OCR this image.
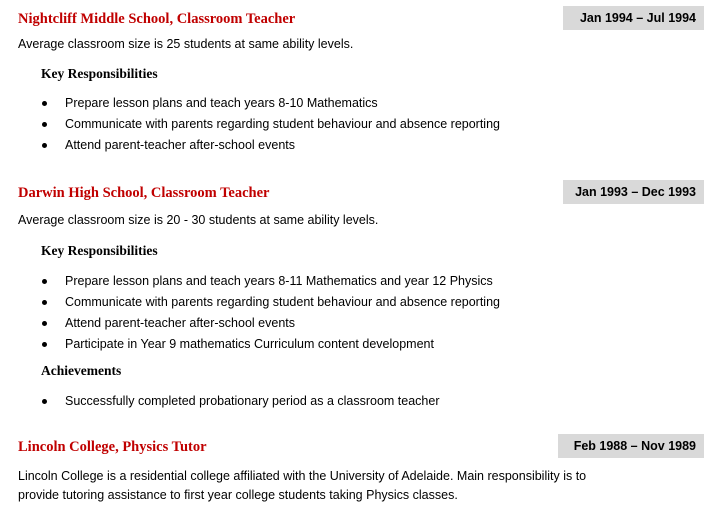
Nightcliff Middle School, Classroom Teacher	Jan 1994 – Jul 1994
Average classroom size is 25 students at same ability levels.
Key Responsibilities
Prepare lesson plans and teach years 8-10 Mathematics
Communicate with parents regarding student behaviour and absence reporting
Attend parent-teacher after-school events
Darwin High School, Classroom Teacher	Jan 1993 – Dec 1993
Average classroom size is 20 - 30 students at same ability levels.
Key Responsibilities
Prepare lesson plans and teach years 8-11 Mathematics and year 12 Physics
Communicate with parents regarding student behaviour and absence reporting
Attend parent-teacher after-school events
Participate in Year 9 mathematics Curriculum content development
Achievements
Successfully completed probationary period as a classroom teacher
Lincoln College, Physics Tutor	Feb 1988 – Nov 1989
Lincoln College is a residential college affiliated with the University of Adelaide. Main responsibility is to
provide tutoring assistance to first year college students taking Physics classes.
